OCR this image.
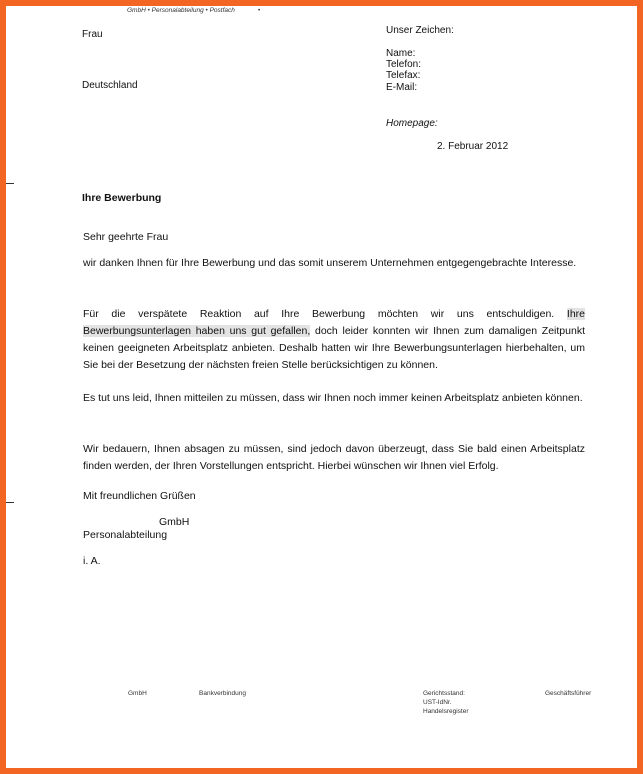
GmbH • Personalabteilung • Postfach	•
Frau
Deutschland
Unser Zeichen:
Name:
Telefon:
Telefax:
E-Mail:
Homepage:
2. Februar 2012
Ihre Bewerbung
Sehr geehrte Frau
wir danken Ihnen für Ihre Bewerbung und das somit unserem Unternehmen entgegengebrachte Interesse.
Für die verspätete Reaktion auf Ihre Bewerbung möchten wir uns entschuldigen. Ihre Bewerbungsunterlagen haben uns gut gefallen, doch leider konnten wir Ihnen zum damaligen Zeitpunkt keinen geeigneten Arbeitsplatz anbieten. Deshalb hatten wir Ihre Bewerbungsunterlagen hierbehalten, um Sie bei der Besetzung der nächsten freien Stelle berücksichtigen zu können.
Es tut uns leid, Ihnen mitteilen zu müssen, dass wir Ihnen noch immer keinen Arbeitsplatz anbieten können.
Wir bedauern, Ihnen absagen zu müssen, sind jedoch davon überzeugt, dass Sie bald einen Arbeitsplatz finden werden, der Ihren Vorstellungen entspricht. Hierbei wünschen wir Ihnen viel Erfolg.
Mit freundlichen Grüßen
GmbH
Personalabteilung
i. A.
GmbH	Bankverbindung	Gerichtsstand:
UST-IdNr.
Handelsregister
Geschäftsführer
